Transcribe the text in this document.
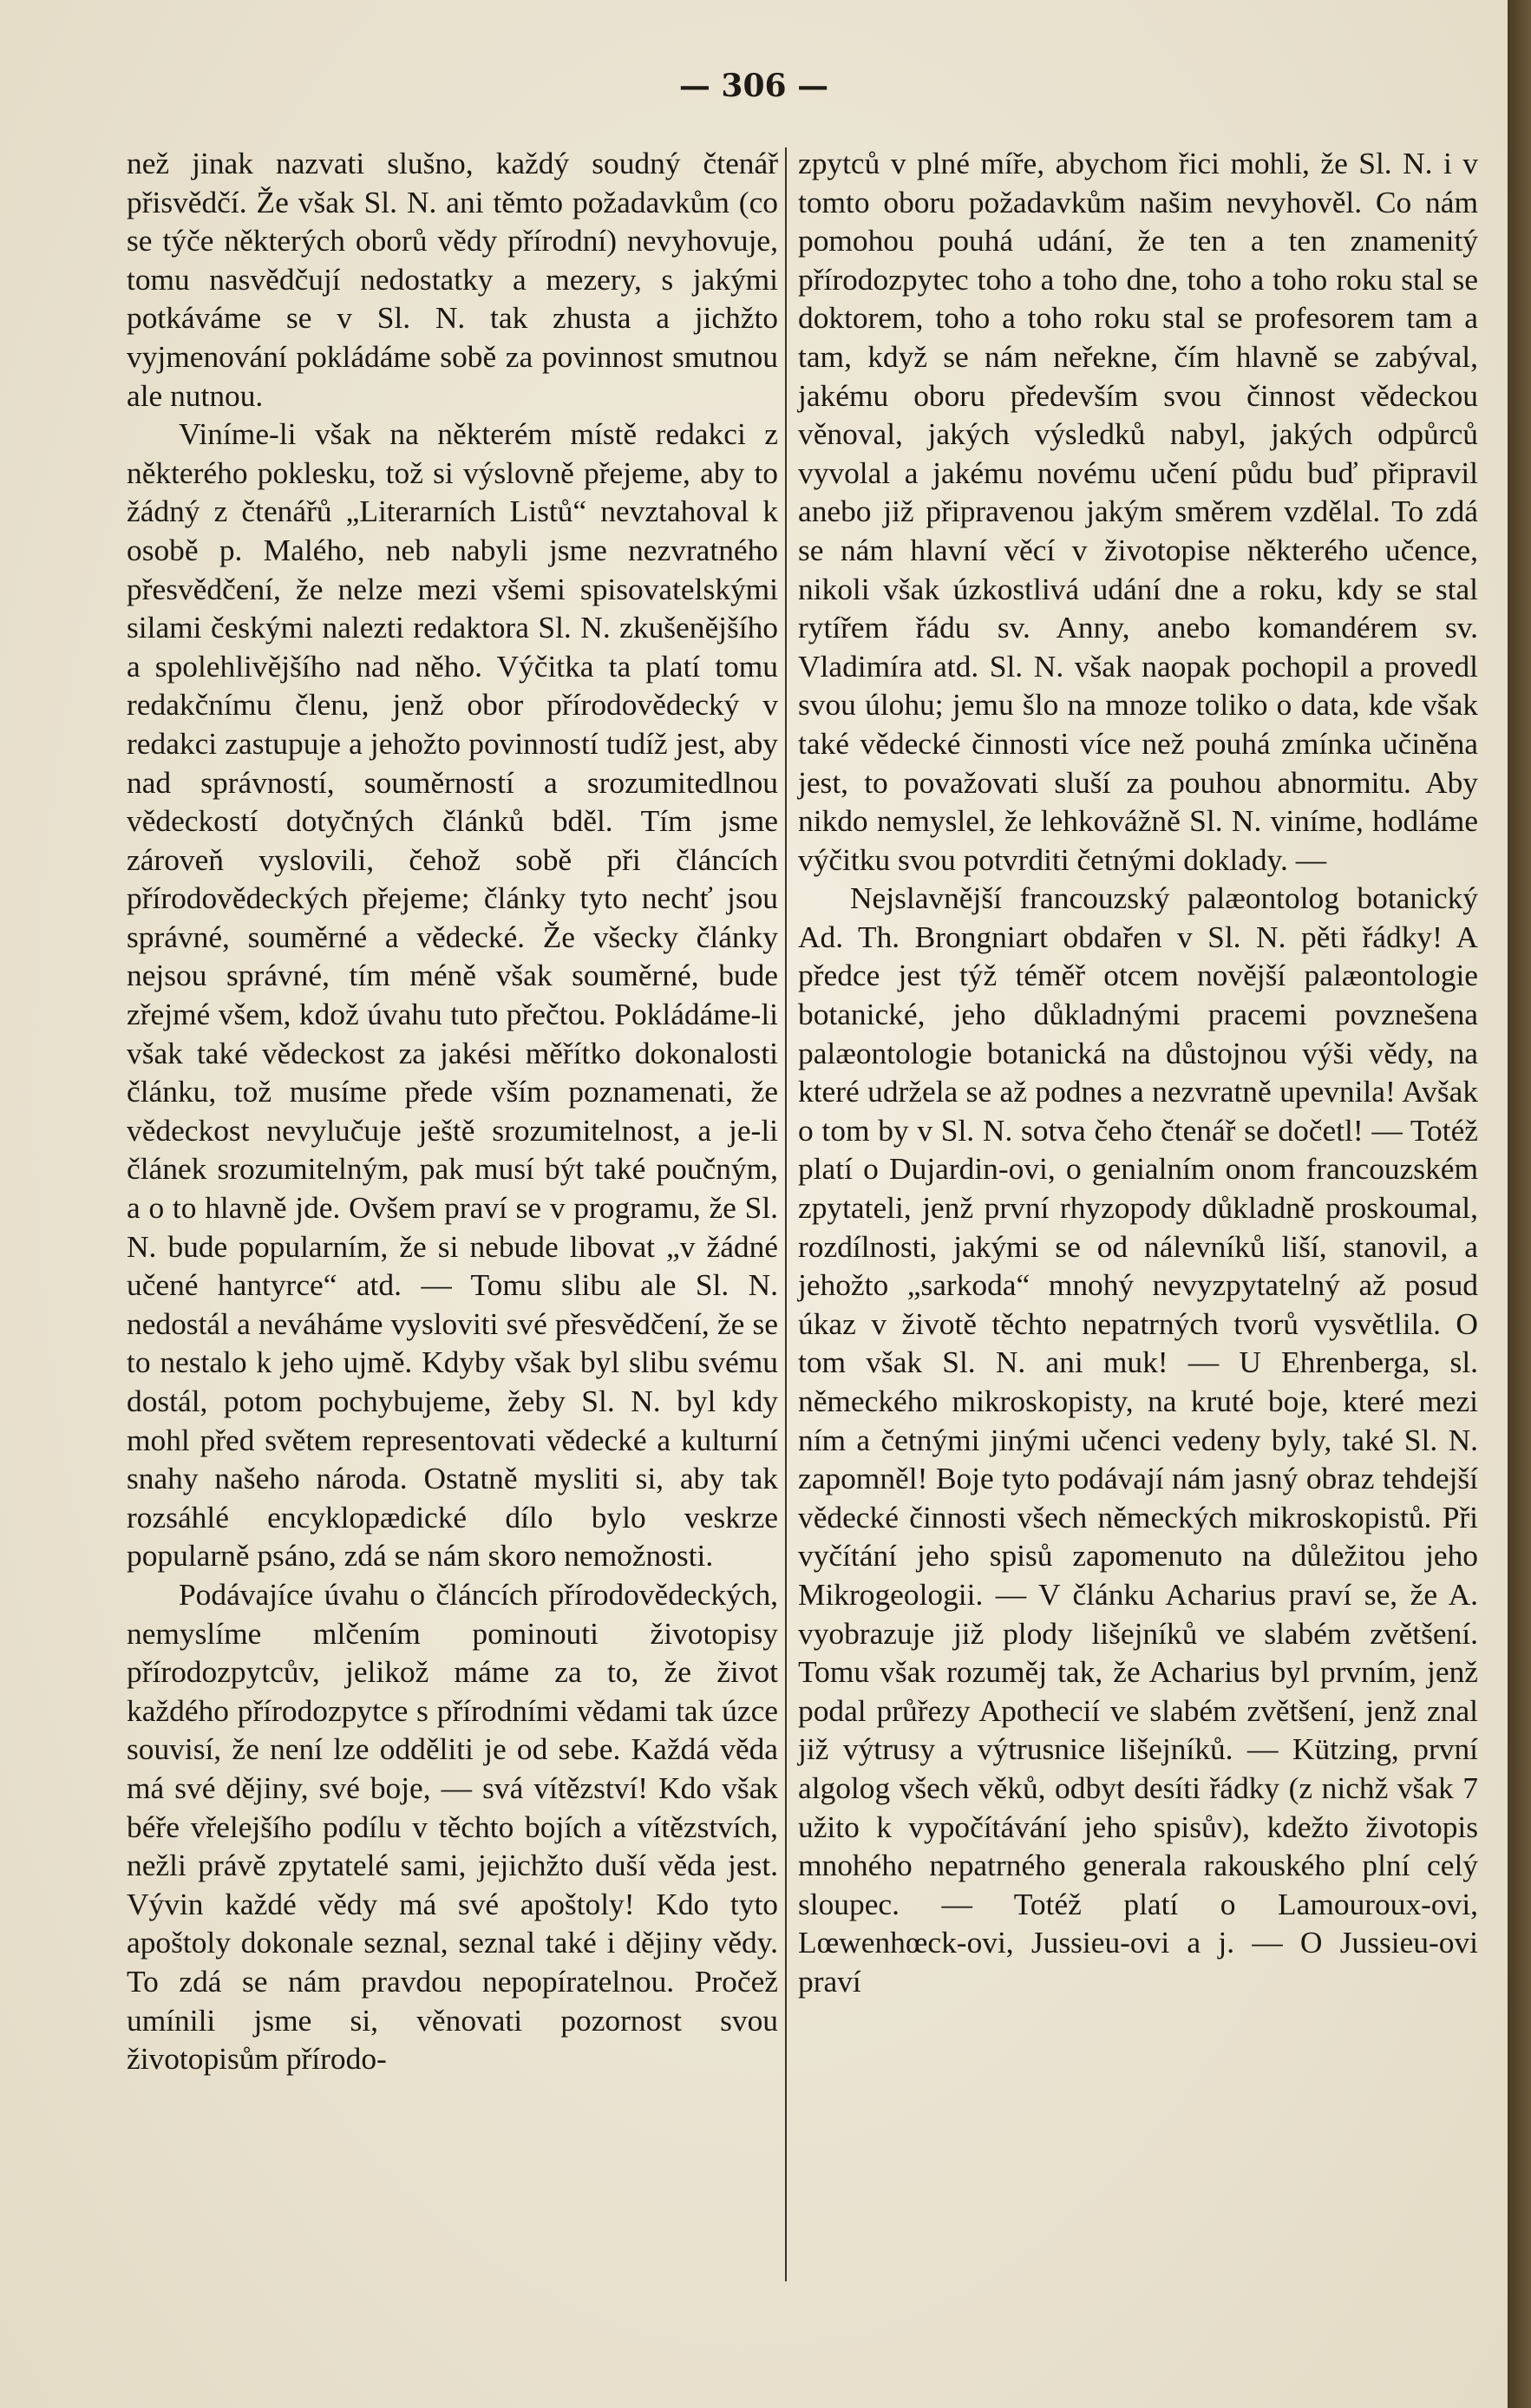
— 306 —

než jinak nazvati slušno, každý soudný čtenář přisvědčí. Že však Sl. N. ani těmto požadavkům (co se týče některých oborů vědy přírodní) nevyhovuje, tomu nasvědčují nedostatky a mezery, s jakými potkáváme se v Sl. N. tak zhusta a jichžto vyjmenování pokládáme sobě za povinnost smutnou ale nutnou.

Viníme-li však na některém místě redakci z některého poklesku, tož si výslovně přejeme, aby to žádný z čtenářů „Literarních Listů“ nevztahoval k osobě p. Malého, neb nabyli jsme nezvratného přesvědčení, že nelze mezi všemi spisovatelskými silami českými nalezti redaktora Sl. N. zkušenějšího a spolehlivějšího nad něho. Výčitka ta platí tomu redakčnímu členu, jenž obor přírodovědecký v redakci zastupuje a jehožto povinností tudíž jest, aby nad správností, souměrností a srozumitedlnou vědeckostí dotyčných článků bděl. Tím jsme zároveň vyslovili, čehož sobě při článcích přírodovědeckých přejeme; články tyto nechť jsou správné, souměrné a vědecké. Že všecky články nejsou správné, tím méně však souměrné, bude zřejmé všem, kdož úvahu tuto přečtou. Pokládáme-li však také vědeckost za jakési měřítko dokonalosti článku, tož musíme přede vším poznamenati, že vědeckost nevylučuje ještě srozumitelnost, a je-li článek srozumitelným, pak musí být také poučným, a o to hlavně jde. Ovšem praví se v programu, že Sl. N. bude popularním, že si nebude libovat „v žádné učené hantyrce“ atd. — Tomu slibu ale Sl. N. nedostál a neváháme vysloviti své přesvědčení, že se to nestalo k jeho ujmě. Kdyby však byl slibu svému dostál, potom pochybujeme, žeby Sl. N. byl kdy mohl před světem representovati vědecké a kulturní snahy našeho národa. Ostatně mysliti si, aby tak rozsáhlé encyklopædické dílo bylo veskrze popularně psáno, zdá se nám skoro nemožnosti.

Podávajíce úvahu o článcích přírodovědeckých, nemyslíme mlčením pominouti životopisy přírodozpytcův, jelikož máme za to, že život každého přírodozpytce s přírodními vědami tak úzce souvisí, že není lze odděliti je od sebe. Každá věda má své dějiny, své boje, — svá vítězství! Kdo však béře vřelejšího podílu v těchto bojích a vítězstvích, nežli právě zpytatelé sami, jejichžto duší věda jest. Vývin každé vědy má své apoštoly! Kdo tyto apoštoly dokonale seznal, seznal také i dějiny vědy. To zdá se nám pravdou nepopíratelnou. Pročež umínili jsme si, věnovati pozornost svou životopisům přírodo-

zpytců v plné míře, abychom řici mohli, že Sl. N. i v tomto oboru požadavkům našim nevyhověl. Co nám pomohou pouhá udání, že ten a ten znamenitý přírodozpytec toho a toho dne, toho a toho roku stal se doktorem, toho a toho roku stal se profesorem tam a tam, když se nám neřekne, čím hlavně se zabýval, jakému oboru především svou činnost vědeckou věnoval, jakých výsledků nabyl, jakých odpůrců vyvolal a jakému novému učení půdu buď připravil anebo již připravenou jakým směrem vzdělal. To zdá se nám hlavní věcí v životopise některého učence, nikoli však úzkostlivá udání dne a roku, kdy se stal rytířem řádu sv. Anny, anebo komandérem sv. Vladimíra atd. Sl. N. však naopak pochopil a provedl svou úlohu; jemu šlo na mnoze toliko o data, kde však také vědecké činnosti více než pouhá zmínka učiněna jest, to považovati sluší za pouhou abnormitu. Aby nikdo nemyslel, že lehkovážně Sl. N. viníme, hodláme výčitku svou potvrditi četnými doklady. —

Nejslavnější francouzský palæontolog botanický Ad. Th. Brongniart obdařen v Sl. N. pěti řádky! A předce jest týž téměř otcem novější palæontologie botanické, jeho důkladnými pracemi povznešena palæontologie botanická na důstojnou výši vědy, na které udržela se až podnes a nezvratně upevnila! Avšak o tom by v Sl. N. sotva čeho čtenář se dočetl! — Totéž platí o Dujardin-ovi, o genialním onom francouzském zpytateli, jenž první rhyzopody důkladně proskoumal, rozdílnosti, jakými se od nálevníků liší, stanovil, a jehožto „sarkoda“ mnohý nevyzpytatelný až posud úkaz v životě těchto nepatrných tvorů vysvětlila. O tom však Sl. N. ani muk! — U Ehrenberga, sl. německého mikroskopisty, na kruté boje, které mezi ním a četnými jinými učenci vedeny byly, také Sl. N. zapomněl! Boje tyto podávají nám jasný obraz tehdejší vědecké činnosti všech německých mikroskopistů. Při vyčítání jeho spisů zapomenuto na důležitou jeho Mikrogeologii. — V článku Acharius praví se, že A. vyobrazuje již plody lišejníků ve slabém zvětšení. Tomu však rozuměj tak, že Acharius byl prvním, jenž podal průřezy Apothecií ve slabém zvětšení, jenž znal již výtrusy a výtrusnice lišejníků. — Kützing, první algolog všech věků, odbyt desíti řádky (z nichž však 7 užito k vypočítávání jeho spisův), kdežto životopis mnohého nepatrného generala rakouského plní celý sloupec. — Totéž platí o Lamouroux-ovi, Lœwenhœck-ovi, Jussieu-ovi a j. — O Jussieu-ovi praví
